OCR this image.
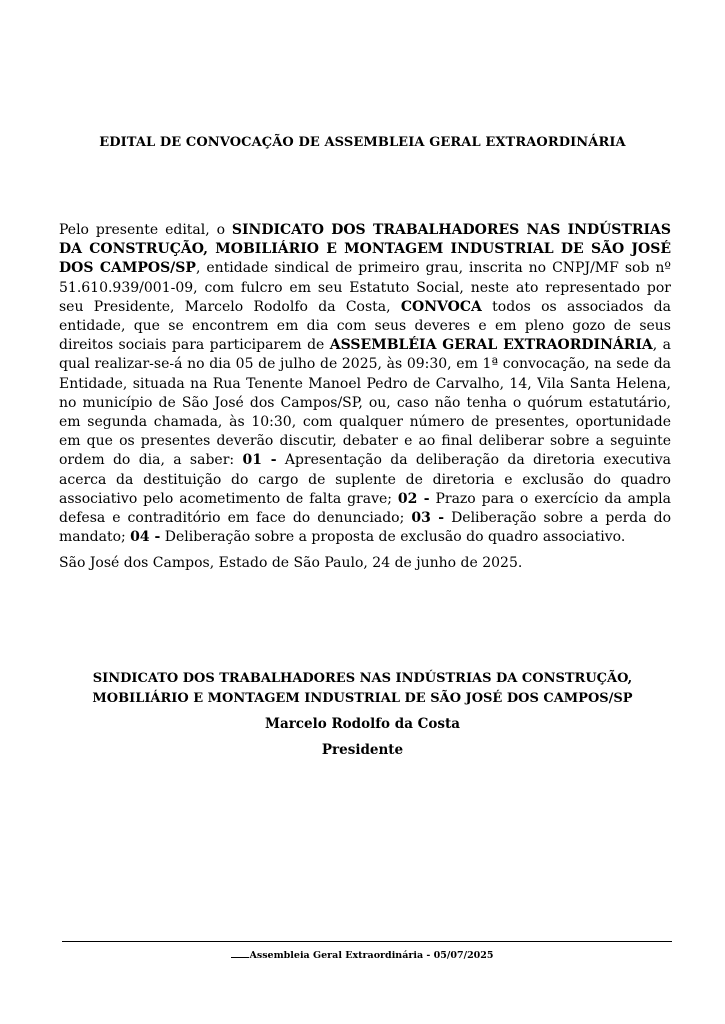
EDITAL DE CONVOCAÇÃO DE ASSEMBLEIA GERAL EXTRAORDINÁRIA

Pelo presente edital, o SINDICATO DOS TRABALHADORES NAS INDÚSTRIAS DA CONSTRUÇÃO, MOBILIÁRIO E MONTAGEM INDUSTRIAL DE SÃO JOSÉ DOS CAMPOS/SP, entidade sindical de primeiro grau, inscrita no CNPJ/MF sob nº 51.610.939/001-09, com fulcro em seu Estatuto Social, neste ato representado por seu Presidente, Marcelo Rodolfo da Costa, CONVOCA todos os associados da entidade, que se encontrem em dia com seus deveres e em pleno gozo de seus direitos sociais para participarem de ASSEMBLÉIA GERAL EXTRAORDINÁRIA, a qual realizar-se-á no dia 05 de julho de 2025, às 09:30, em 1ª convocação, na sede da Entidade, situada na Rua Tenente Manoel Pedro de Carvalho, 14, Vila Santa Helena, no município de São José dos Campos/SP, ou, caso não tenha o quórum estatutário, em segunda chamada, às 10:30, com qualquer número de presentes, oportunidade em que os presentes deverão discutir, debater e ao final deliberar sobre a seguinte ordem do dia, a saber: 01 - Apresentação da deliberação da diretoria executiva acerca da destituição do cargo de suplente de diretoria e exclusão do quadro associativo pelo acometimento de falta grave; 02 - Prazo para o exercício da ampla defesa e contraditório em face do denunciado; 03 - Deliberação sobre a perda do mandato; 04 - Deliberação sobre a proposta de exclusão do quadro associativo.

São José dos Campos, Estado de São Paulo, 24 de junho de 2025.
SINDICATO DOS TRABALHADORES NAS INDÚSTRIAS DA CONSTRUÇÃO,
MOBILIÁRIO E MONTAGEM INDUSTRIAL DE SÃO JOSÉ DOS CAMPOS/SP
Marcelo Rodolfo da Costa
Presidente
Assembleia Geral Extraordinária - 05/07/2025
